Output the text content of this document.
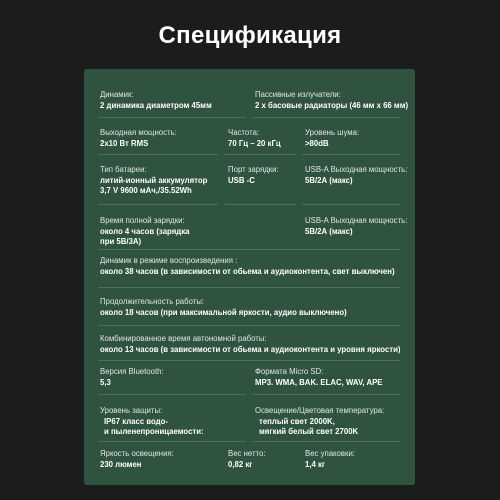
Спецификация
Динамик:
2 динамика диаметром 45мм
Пассивные излучатели:
2 х басовые радиаторы (46 мм х 66 мм)
Выходная мощность:
2x10 Вт RMS
Частота:
70 Гц – 20 кГц
Уровень шума:
>80dB
Тип батареи:
литий-ионный аккумулятор
3,7 V 9600 мАч,/35.52Wh
Порт зарядки:
USB -C
USB-A Выходная мощность:
5В/2А (макс)
Время полной зарядки:
около 4 часов (зарядка
при 5В/3А)
USB-A Выходная мощность:
5В/2А (макс)
Динамик в режиме воспроизведения :
около 38 часов (в зависимости от обьема и аудиоконтента, свет выключен)
Продолжительность работы:
около 18 часов (при максимальной яркости, аудио выключено)
Комбинированное время автономной работы:
около 13 часов (в зависимости от обьема и аудиоконтента и уровня яркости)
Версия Bluetooth:
5,3
Формата Micro SD:
MP3. WMA, BAK. ELAC, WAV, APE
Уровень защиты:
IP67 класс водо-
и пыленепроницаемости:
Освещение/Цветовая температура:
теплый свет 2000K,
мягкий белый свет 2700K
Яркость освещения:
230 люмен
Вес нетто:
0,82 кг
Вес упаковки:
1,4 кг
